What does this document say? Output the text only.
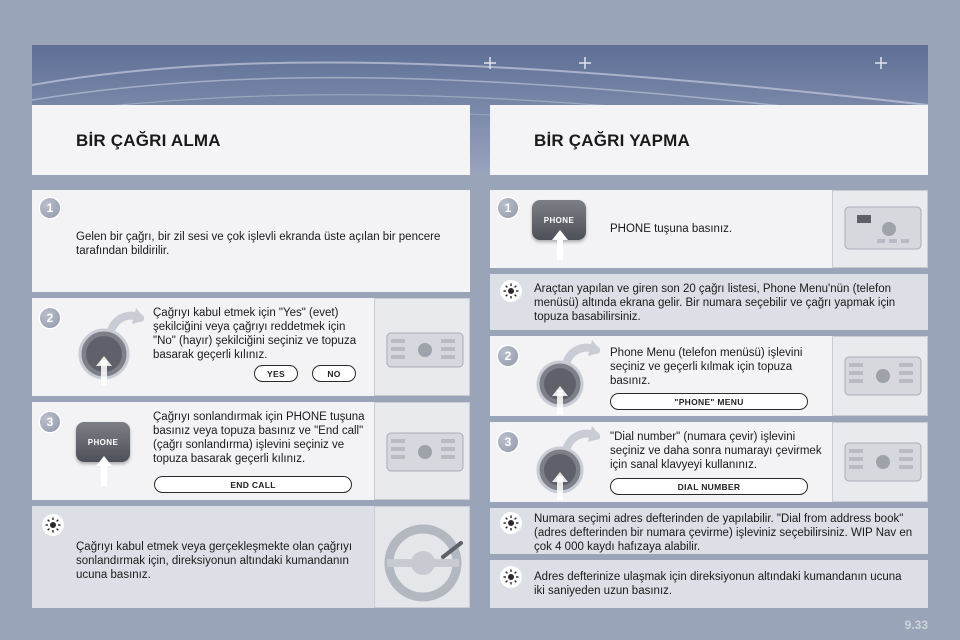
BİR ÇAĞRI ALMA	BİR ÇAĞRI YAPMA
1
Gelen bir çağrı, bir zil sesi ve çok işlevli ekranda üste açılan bir pencere tarafından bildirilir.
2	Çağrıyı kabul etmek için "Yes" (evet) şekilciğini veya çağrıyı reddetmek için "No" (hayır) şekilciğini seçiniz ve topuza basarak geçerli kılınız.
YES	NO
3
PHONE
Çağrıyı sonlandırmak için PHONE tuşuna basınız veya topuza basınız ve "End call" (çağrı sonlandırma) işlevini seçiniz ve topuza basarak geçerli kılınız.
END CALL
Çağrıyı kabul etmek veya gerçekleşmekte olan çağrıyı sonlandırmak için, direksiyonun altındaki kumandanın ucuna basınız.
1
PHONE
PHONE tuşuna basınız.
Araçtan yapılan ve giren son 20 çağrı listesi, Phone Menu'nün (telefon menüsü) altında ekrana gelir. Bir numara seçebilir ve çağrı yapmak için topuza basabilirsiniz.
2	Phone Menu (telefon menüsü) işlevini seçiniz ve geçerli kılmak için topuza basınız.
"PHONE" MENU
3	"Dial number" (numara çevir) işlevini seçiniz ve daha sonra numarayı çevirmek için sanal klavyeyi kullanınız.
DIAL NUMBER
Numara seçimi adres defterinden de yapılabilir. "Dial from address book" (adres defterinden bir numara çevirme) işleviniz seçebilirsiniz. WIP Nav en çok 4 000 kaydı hafızaya alabilir.
Adres defterinize ulaşmak için direksiyonun altındaki kumandanın ucuna iki saniyeden uzun basınız.
9.33
